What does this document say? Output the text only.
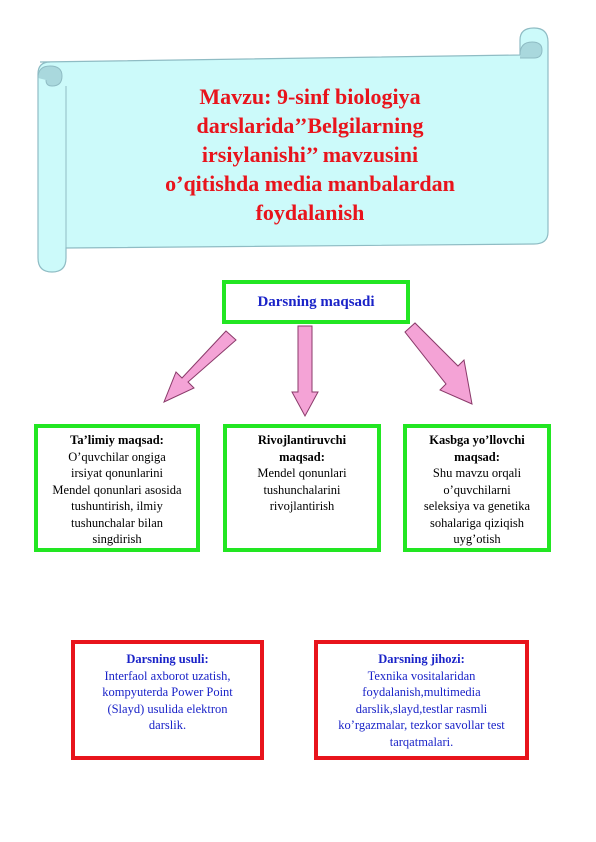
Mavzu: 9-sinf biologiya
darslarida’’Belgilarning
irsiylanishi’’ mavzusini
o’qitishda media manbalardan
foydalanish
Darsning maqsadi
Ta’limiy maqsad:
O’quvchilar ongiga
irsiyat qonunlarini
Mendel qonunlari asosida
tushuntirish, ilmiy
tushunchalar bilan
singdirish
Rivojlantiruvchi
maqsad:
Mendel qonunlari
tushunchalarini
rivojlantirish
Kasbga yo’llovchi
maqsad:
Shu mavzu orqali
o’quvchilarni
seleksiya va genetika
sohalariga qiziqish
uyg’otish
Darsning usuli:
Interfaol axborot uzatish,
kompyuterda Power Point
(Slayd) usulida elektron
darslik.
Darsning jihozi:
Texnika vositalaridan
foydalanish,multimedia
darslik,slayd,testlar rasmli
ko’rgazmalar, tezkor savollar test
tarqatmalari.
